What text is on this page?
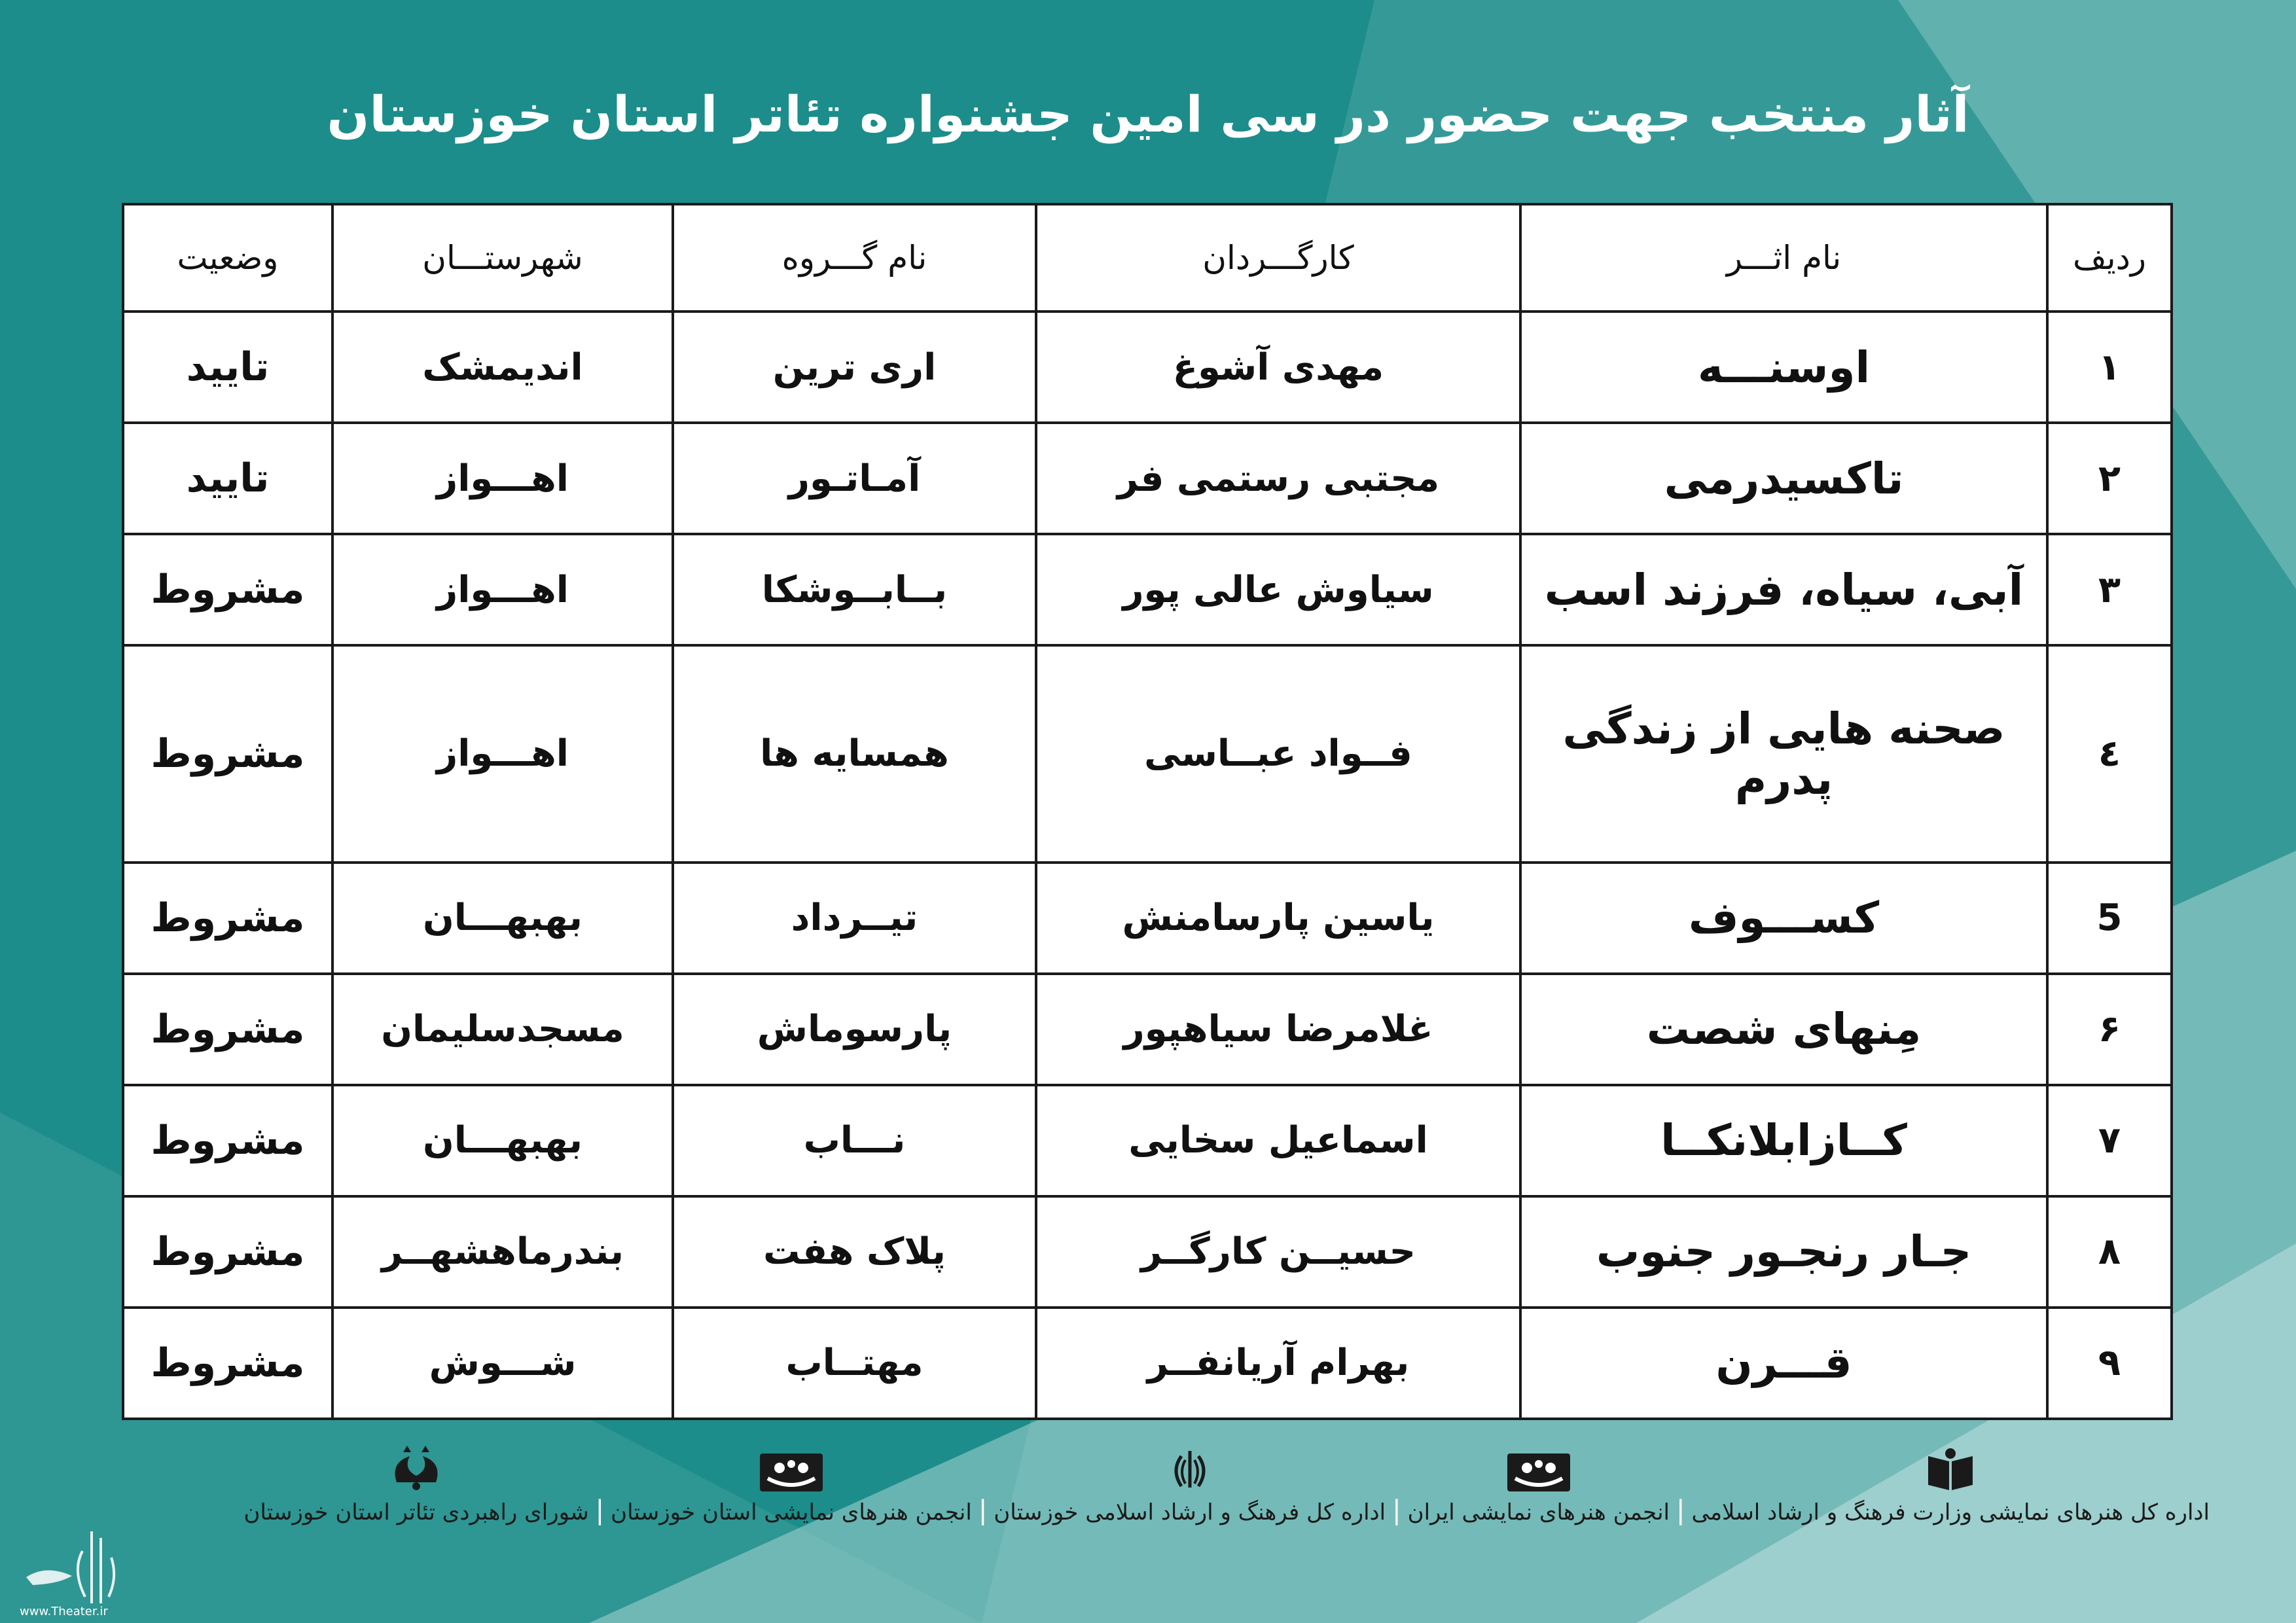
آثار منتخب جهت حضور در سی امین جشنواره تئاتر استان خوزستان
ردیف	نام اثـــر	کارگـــردان	نام گـــروه	شهرستـــان	وضعیت
۱	اوسنـــه	مهدی آشوغ	اری ترین	اندیمشک	تایید
۲	تاکسیدرمی	مجتبی رستمی فر	آمـاتـور	اهـــواز	تایید
۳	آبی، سیاه، فرزند اسب	سیاوش عالی پور	بــابــوشکا	اهـــواز	مشروط
٤	صحنه هایی از زندگی پدرم	فــواد عبــاسی	همسایه ها	اهـــواز	مشروط
5	کســـوف	یاسین پارسامنش	تیــرداد	بهبهـــان	مشروط
۶	مِنهای شصت	غلامرضا سیاهپور	پارسوماش	مسجدسلیمان	مشروط
۷	کــازابلانکــا	اسماعیل سخایی	نـــاب	بهبهـــان	مشروط
۸	جـار رنجـور جنوب	حسیــن کارگــر	پلاک هفت	بندرماهشهــر	مشروط
۹	قـــرن	بهرام آریانفــر	مهتــاب	شـــوش	مشروط
اداره کل هنرهای نمایشی وزارت فرهنگ و ارشاد اسلامی
|
انجمن هنرهای نمایشی ایران
|
اداره کل فرهنگ و ارشاد اسلامی خوزستان
|
انجمن هنرهای نمایشی استان خوزستان
|
شورای راهبردی تئاتر استان خوزستان
www.Theater.ir
